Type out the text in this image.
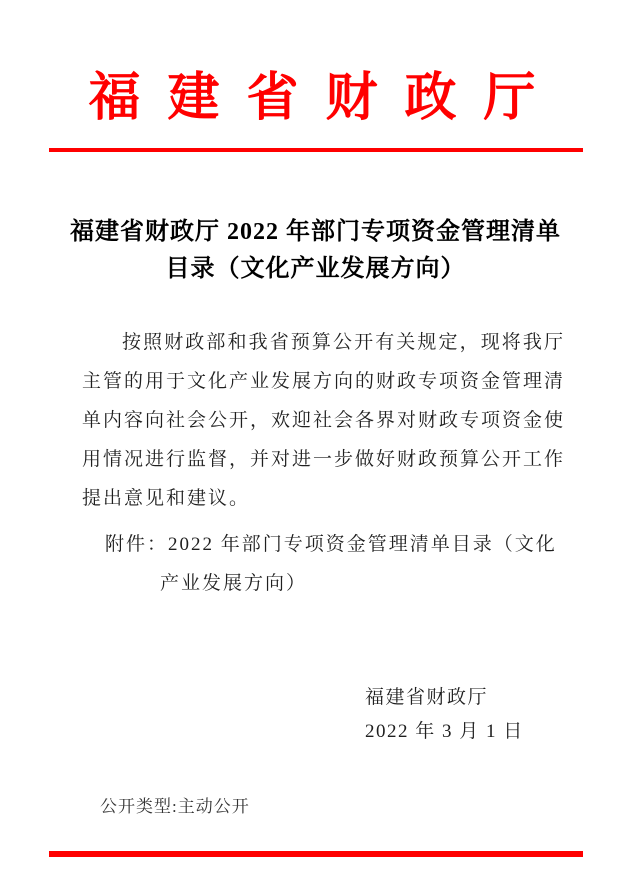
福 建 省 财 政 厅
福建省财政厅 2022 年部门专项资金管理清单
目录（文化产业发展方向）

按照财政部和我省预算公开有关规定，现将我厅主管的用于文化产业发展方向的财政专项资金管理清单内容向社会公开，欢迎社会各界对财政专项资金使用情况进行监督，并对进一步做好财政预算公开工作提出意见和建议。

附件：2022 年部门专项资金管理清单目录（文化产业发展方向）

福建省财政厅
2022 年 3 月 1 日
公开类型:主动公开
